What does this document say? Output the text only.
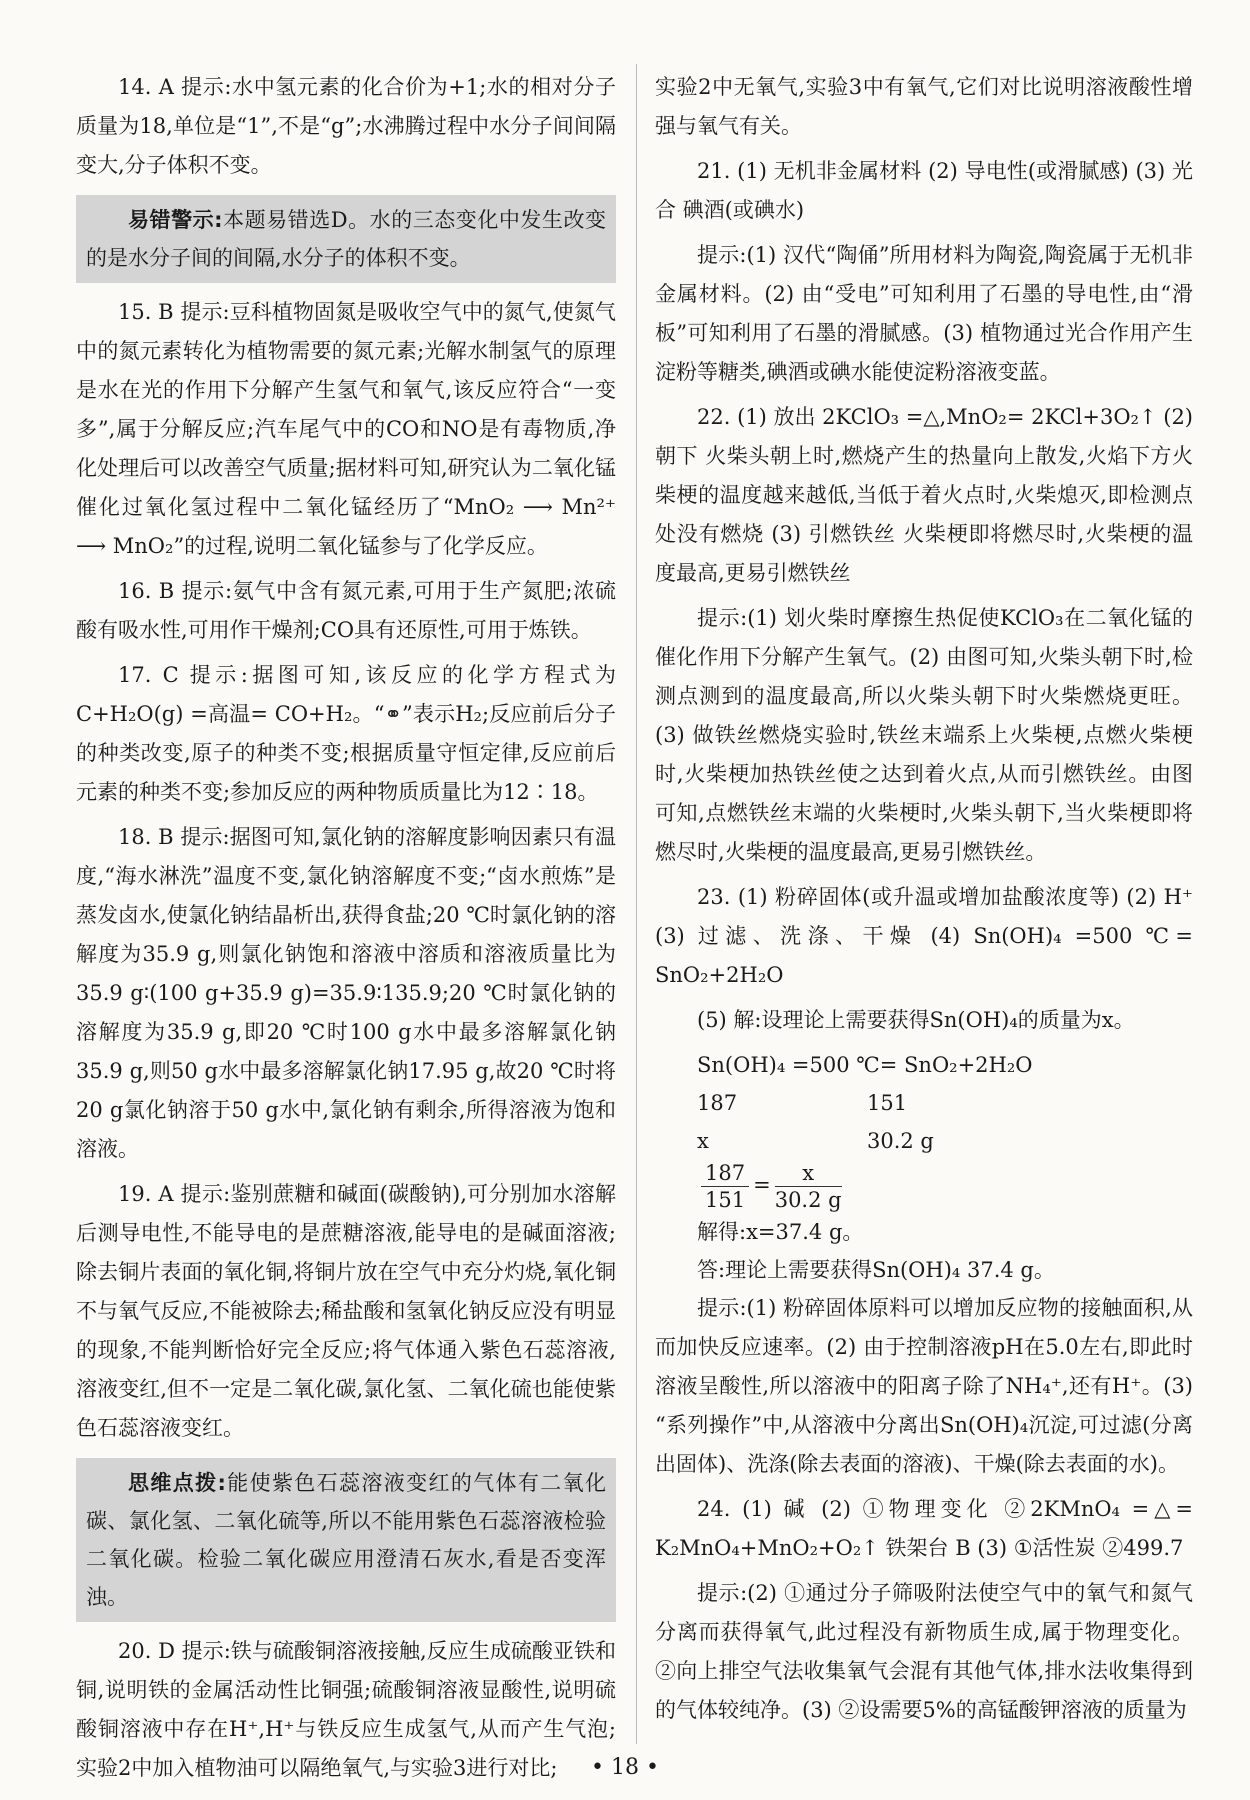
14. A 提示:水中氢元素的化合价为+1;水的相对分子质量为18,单位是“1”,不是“g”;水沸腾过程中水分子间间隔变大,分子体积不变。

易错警示:本题易错选D。水的三态变化中发生改变的是水分子间的间隔,水分子的体积不变。

15. B 提示:豆科植物固氮是吸收空气中的氮气,使氮气中的氮元素转化为植物需要的氮元素;光解水制氢气的原理是水在光的作用下分解产生氢气和氧气,该反应符合“一变多”,属于分解反应;汽车尾气中的CO和NO是有毒物质,净化处理后可以改善空气质量;据材料可知,研究认为二氧化锰催化过氧化氢过程中二氧化锰经历了“MnO₂ ⟶ Mn²⁺ ⟶ MnO₂”的过程,说明二氧化锰参与了化学反应。

16. B 提示:氨气中含有氮元素,可用于生产氮肥;浓硫酸有吸水性,可用作干燥剂;CO具有还原性,可用于炼铁。

17. C 提示:据图可知,该反应的化学方程式为C+H₂O(g) =高温= CO+H₂。“⚭”表示H₂;反应前后分子的种类改变,原子的种类不变;根据质量守恒定律,反应前后元素的种类不变;参加反应的两种物质质量比为12∶18。

18. B 提示:据图可知,氯化钠的溶解度影响因素只有温度,“海水淋洗”温度不变,氯化钠溶解度不变;“卤水煎炼”是蒸发卤水,使氯化钠结晶析出,获得食盐;20 ℃时氯化钠的溶解度为35.9 g,则氯化钠饱和溶液中溶质和溶液质量比为35.9 g∶(100 g+35.9 g)=35.9∶135.9;20 ℃时氯化钠的溶解度为35.9 g,即20 ℃时100 g水中最多溶解氯化钠35.9 g,则50 g水中最多溶解氯化钠17.95 g,故20 ℃时将20 g氯化钠溶于50 g水中,氯化钠有剩余,所得溶液为饱和溶液。

19. A 提示:鉴别蔗糖和碱面(碳酸钠),可分别加水溶解后测导电性,不能导电的是蔗糖溶液,能导电的是碱面溶液;除去铜片表面的氧化铜,将铜片放在空气中充分灼烧,氧化铜不与氧气反应,不能被除去;稀盐酸和氢氧化钠反应没有明显的现象,不能判断恰好完全反应;将气体通入紫色石蕊溶液,溶液变红,但不一定是二氧化碳,氯化氢、二氧化硫也能使紫色石蕊溶液变红。

思维点拨:能使紫色石蕊溶液变红的气体有二氧化碳、氯化氢、二氧化硫等,所以不能用紫色石蕊溶液检验二氧化碳。检验二氧化碳应用澄清石灰水,看是否变浑浊。

20. D 提示:铁与硫酸铜溶液接触,反应生成硫酸亚铁和铜,说明铁的金属活动性比铜强;硫酸铜溶液显酸性,说明硫酸铜溶液中存在H⁺,H⁺与铁反应生成氢气,从而产生气泡;实验2中加入植物油可以隔绝氧气,与实验3进行对比;

实验2中无氧气,实验3中有氧气,它们对比说明溶液酸性增强与氧气有关。

21. (1) 无机非金属材料 (2) 导电性(或滑腻感) (3) 光合 碘酒(或碘水)

提示:(1) 汉代“陶俑”所用材料为陶瓷,陶瓷属于无机非金属材料。(2) 由“受电”可知利用了石墨的导电性,由“滑板”可知利用了石墨的滑腻感。(3) 植物通过光合作用产生淀粉等糖类,碘酒或碘水能使淀粉溶液变蓝。

22. (1) 放出 2KClO₃ =△,MnO₂= 2KCl+3O₂↑ (2) 朝下 火柴头朝上时,燃烧产生的热量向上散发,火焰下方火柴梗的温度越来越低,当低于着火点时,火柴熄灭,即检测点处没有燃烧 (3) 引燃铁丝 火柴梗即将燃尽时,火柴梗的温度最高,更易引燃铁丝

提示:(1) 划火柴时摩擦生热促使KClO₃在二氧化锰的催化作用下分解产生氧气。(2) 由图可知,火柴头朝下时,检测点测到的温度最高,所以火柴头朝下时火柴燃烧更旺。(3) 做铁丝燃烧实验时,铁丝末端系上火柴梗,点燃火柴梗时,火柴梗加热铁丝使之达到着火点,从而引燃铁丝。由图可知,点燃铁丝末端的火柴梗时,火柴头朝下,当火柴梗即将燃尽时,火柴梗的温度最高,更易引燃铁丝。

23. (1) 粉碎固体(或升温或增加盐酸浓度等) (2) H⁺ (3) 过滤、洗涤、干燥 (4) Sn(OH)₄ =500 ℃= SnO₂+2H₂O

(5) 解:设理论上需要获得Sn(OH)₄的质量为x。

Sn(OH)₄ =500 ℃= SnO₂+2H₂O
187	151
x	30.2 g
$\frac{187}{151} = \frac{x}{30.2 g}$
解得:x=37.4 g。
答:理论上需要获得Sn(OH)₄ 37.4 g。

提示:(1) 粉碎固体原料可以增加反应物的接触面积,从而加快反应速率。(2) 由于控制溶液pH在5.0左右,即此时溶液呈酸性,所以溶液中的阳离子除了NH₄⁺,还有H⁺。(3) “系列操作”中,从溶液中分离出Sn(OH)₄沉淀,可过滤(分离出固体)、洗涤(除去表面的溶液)、干燥(除去表面的水)。

24. (1) 碱 (2) ①物理变化 ②2KMnO₄ =△= K₂MnO₄+MnO₂+O₂↑ 铁架台 B (3) ①活性炭 ②499.7

提示:(2) ①通过分子筛吸附法使空气中的氧气和氮气分离而获得氧气,此过程没有新物质生成,属于物理变化。②向上排空气法收集氧气会混有其他气体,排水法收集得到的气体较纯净。(3) ②设需要5%的高锰酸钾溶液的质量为

• 18 •
